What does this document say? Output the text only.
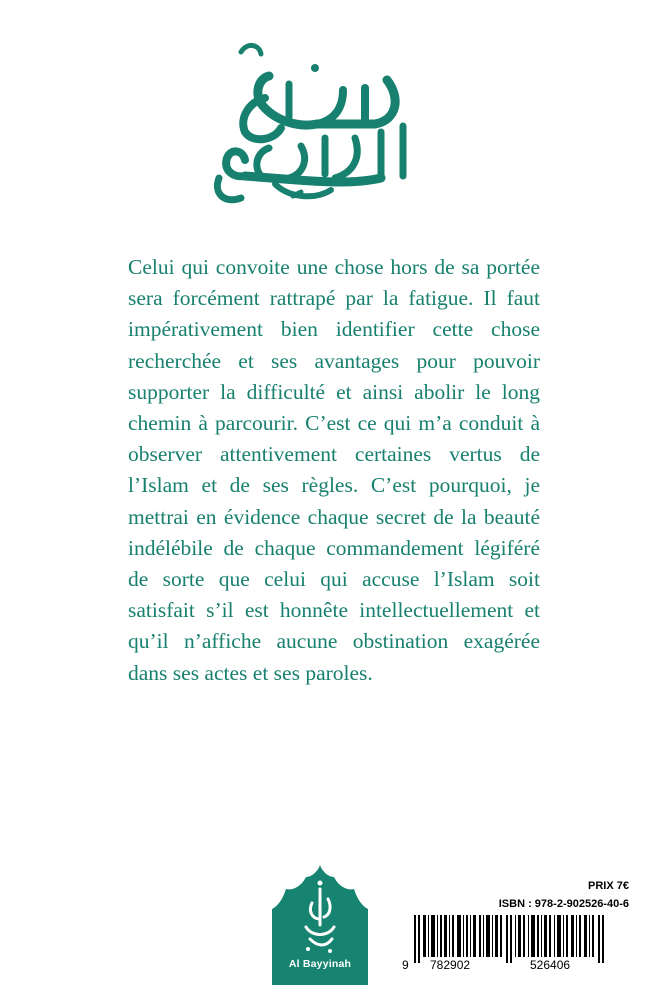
Celui qui convoite une chose hors de sa portée sera forcément rattrapé par la fatigue. Il faut impérativement bien identifier cette chose recherchée et ses avantages pour pouvoir supporter la difficulté et ainsi abolir le long chemin à parcourir. C’est ce qui m’a conduit à observer attentivement certaines vertus de l’Islam et de ses règles. C’est pourquoi, je mettrai en évidence chaque secret de la beauté indélébile de chaque commandement légiféré de sorte que celui qui accuse l’Islam soit satisfait s’il est honnête intellectuellement et qu’il n’affiche aucune obstination exagérée dans ses actes et ses paroles.

Al Bayyinah
PRIX 7€
ISBN : 978-2-902526-40-6
9 782902	526406
